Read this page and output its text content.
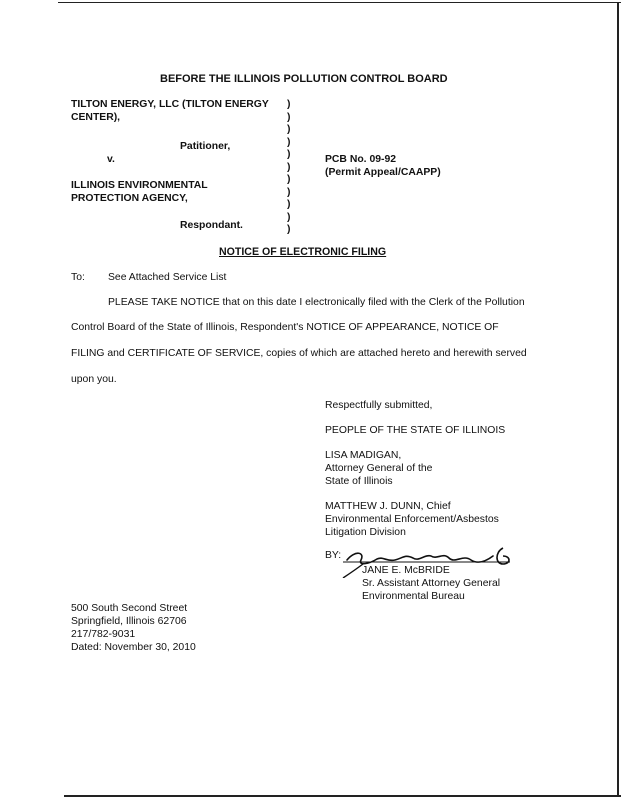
BEFORE THE ILLINOIS POLLUTION CONTROL BOARD
TILTON ENERGY, LLC (TILTON ENERGY
CENTER),
Patitioner,
v.
ILLINOIS ENVIRONMENTAL
PROTECTION AGENCY,
Respondant.
)
)
)
)
)
)
)
)
)
)
)
PCB No. 09-92
(Permit Appeal/CAAPP)
NOTICE OF ELECTRONIC FILING
To: See Attached Service List
PLEASE TAKE NOTICE that on this date I electronically filed with the Clerk of the Pollution
Control Board of the State of Illinois, Respondent's NOTICE OF APPEARANCE, NOTICE OF
FILING and CERTIFICATE OF SERVICE, copies of which are attached hereto and herewith served
upon you.
Respectfully submitted,
PEOPLE OF THE STATE OF ILLINOIS
LISA MADIGAN,
Attorney General of the
State of Illinois
MATTHEW J. DUNN, Chief
Environmental Enforcement/Asbestos
Litigation Division
BY:
JANE E. McBRIDE
Sr. Assistant Attorney General
Environmental Bureau
500 South Second Street
Springfield, Illinois 62706
217/782-9031
Dated: November 30, 2010
